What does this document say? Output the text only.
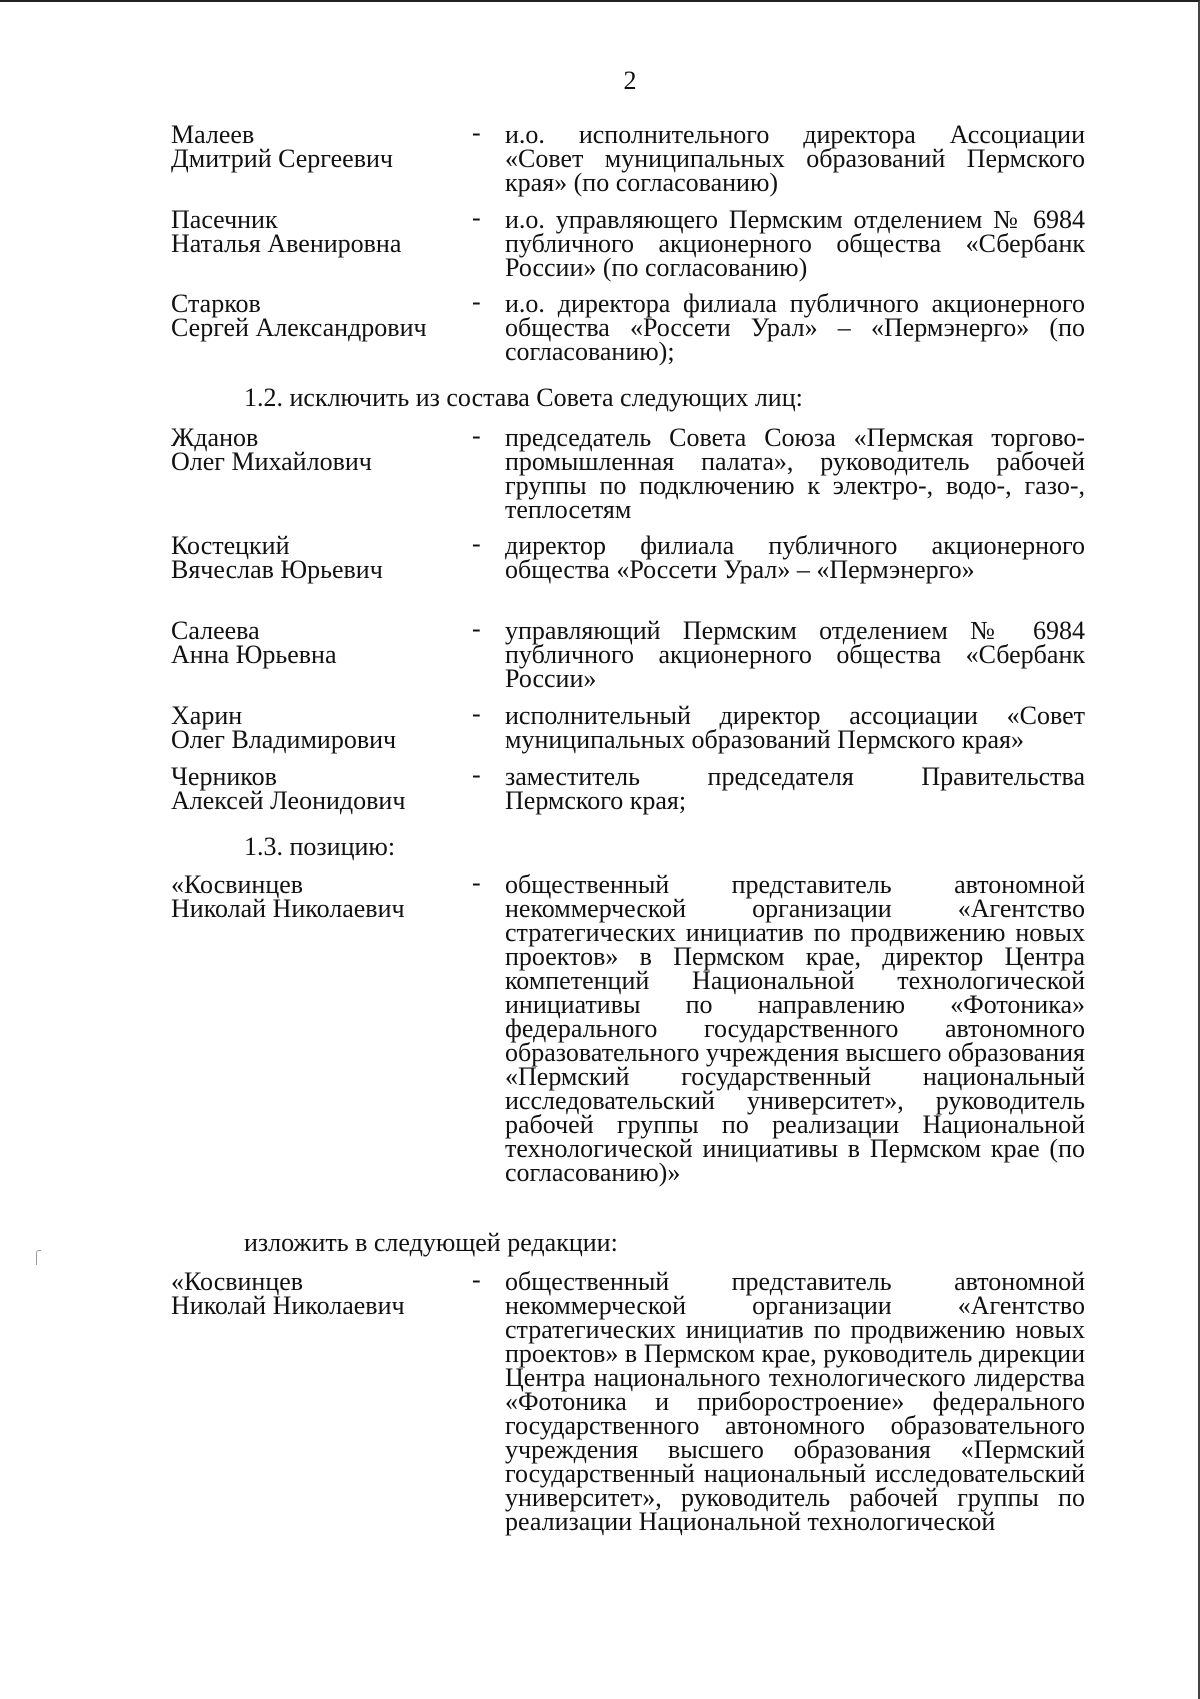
2
Малеев
Дмитрий Сергеевич
- и.о. исполнительного директора Ассоциации «Совет муниципальных образований Пермского края» (по согласованию)
Пасечник
Наталья Авенировна
- и.о. управляющего Пермским отделением № 6984 публичного акционерного общества «Сбербанк России» (по согласованию)
Старков
Сергей Александрович
- и.о. директора филиала публичного акционерного общества «Россети Урал» – «Пермэнерго» (по согласованию);
1.2. исключить из состава Совета следующих лиц:
Жданов
Олег Михайлович
- председатель Совета Союза «Пермская торгово-промышленная палата», руководитель рабочей группы по подключению к электро-, водо-, газо-, теплосетям
Костецкий
Вячеслав Юрьевич
- директор филиала публичного акционерного общества «Россети Урал» – «Пермэнерго»
Салеева
Анна Юрьевна
- управляющий Пермским отделением № 6984 публичного акционерного общества «Сбербанк России»
Харин
Олег Владимирович
- исполнительный директор ассоциации «Совет муниципальных образований Пермского края»
Черников
Алексей Леонидович
- заместитель председателя Правительства Пермского края;
1.3. позицию:
«Косвинцев
Николай Николаевич
- общественный представитель автономной некоммерческой организации «Агентство стратегических инициатив по продвижению новых проектов» в Пермском крае, директор Центра компетенций Национальной технологической инициативы по направлению «Фотоника» федерального государственного автономного образовательного учреждения высшего образования «Пермский государственный национальный исследовательский университет», руководитель рабочей группы по реализации Национальной технологической инициативы в Пермском крае (по согласованию)»
изложить в следующей редакции:
«Косвинцев
Николай Николаевич
- общественный представитель автономной некоммерческой организации «Агентство стратегических инициатив по продвижению новых проектов» в Пермском крае, руководитель дирекции Центра национального технологического лидерства «Фотоника и приборостроение» федерального государственного автономного образовательного учреждения высшего образования «Пермский государственный национальный исследовательский университет», руководитель рабочей группы по реализации Национальной технологической
